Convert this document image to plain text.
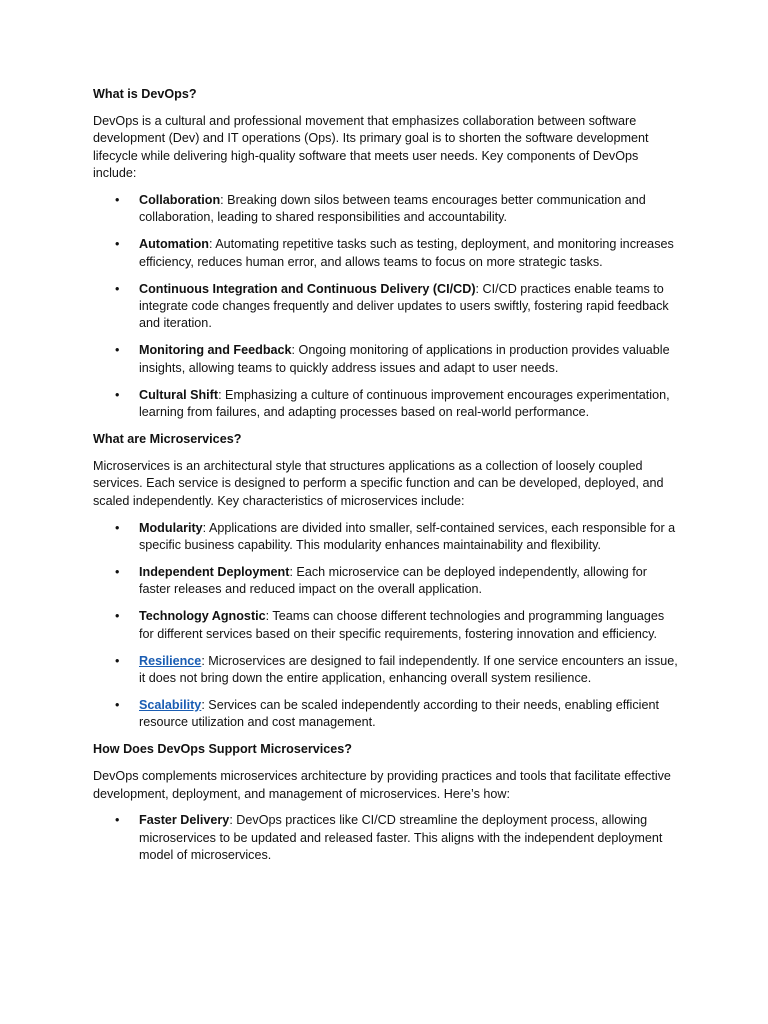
What is DevOps?
DevOps is a cultural and professional movement that emphasizes collaboration between software development (Dev) and IT operations (Ops). Its primary goal is to shorten the software development lifecycle while delivering high-quality software that meets user needs. Key components of DevOps include:
• Collaboration: Breaking down silos between teams encourages better communication and collaboration, leading to shared responsibilities and accountability.
• Automation: Automating repetitive tasks such as testing, deployment, and monitoring increases efficiency, reduces human error, and allows teams to focus on more strategic tasks.
• Continuous Integration and Continuous Delivery (CI/CD): CI/CD practices enable teams to integrate code changes frequently and deliver updates to users swiftly, fostering rapid feedback and iteration.
• Monitoring and Feedback: Ongoing monitoring of applications in production provides valuable insights, allowing teams to quickly address issues and adapt to user needs.
• Cultural Shift: Emphasizing a culture of continuous improvement encourages experimentation, learning from failures, and adapting processes based on real-world performance.
What are Microservices?
Microservices is an architectural style that structures applications as a collection of loosely coupled services. Each service is designed to perform a specific function and can be developed, deployed, and scaled independently. Key characteristics of microservices include:
• Modularity: Applications are divided into smaller, self-contained services, each responsible for a specific business capability. This modularity enhances maintainability and flexibility.
• Independent Deployment: Each microservice can be deployed independently, allowing for faster releases and reduced impact on the overall application.
• Technology Agnostic: Teams can choose different technologies and programming languages for different services based on their specific requirements, fostering innovation and efficiency.
• Resilience: Microservices are designed to fail independently. If one service encounters an issue, it does not bring down the entire application, enhancing overall system resilience.
• Scalability: Services can be scaled independently according to their needs, enabling efficient resource utilization and cost management.
How Does DevOps Support Microservices?
DevOps complements microservices architecture by providing practices and tools that facilitate effective development, deployment, and management of microservices. Here’s how:
• Faster Delivery: DevOps practices like CI/CD streamline the deployment process, allowing microservices to be updated and released faster. This aligns with the independent deployment model of microservices.
